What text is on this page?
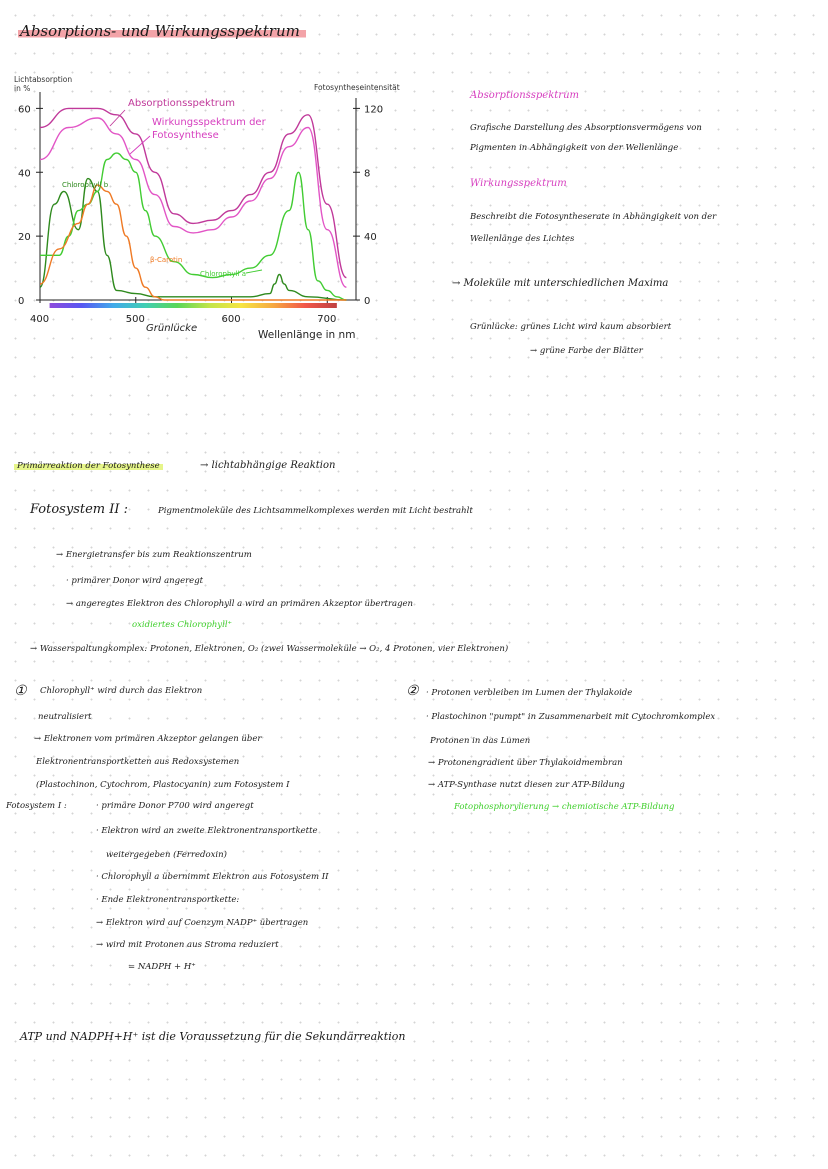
Absorptions- und Wirkungsspektrum
Lichtabsorption
in %	Fotosyntheseintensität
0
20
40
60
0
40
8
120
400	500	600	700
Wellenlänge in nm
Grünlücke
Absorptionsspektrum
Wirkungsspektrum der
Fotosynthese
Chlorophyll b
β-Carotin
Chlorophyll a
Absorptionsspektrum
Grafische Darstellung des Absorptionsvermögens von
Pigmenten in Abhängigkeit von der Wellenlänge
Wirkungsspektrum
Beschreibt die Fotosyntheserate in Abhängigkeit von der
Wellenlänge des Lichtes
→ Moleküle mit unterschiedlichen Maxima
Grünlücke: grünes Licht wird kaum absorbiert
→ grüne Farbe der Blätter
Primärreaktion der Fotosynthese	→ lichtabhängige Reaktion
Fotosystem II :	Pigmentmoleküle des Lichtsammelkomplexes werden mit Licht bestrahlt
→ Energietransfer bis zum Reaktionszentrum
· primärer Donor wird angeregt
→ angeregtes Elektron des Chlorophyll a wird an primären Akzeptor übertragen
oxidiertes Chlorophyll⁺
→ Wasserspaltungkomplex: Protonen, Elektronen, O₂ (zwei Wassermoleküle → O₂, 4 Protonen, vier Elektronen)
① Chlorophyll⁺ wird durch das Elektron
neutralisiert
→ Elektronen vom primären Akzeptor gelangen über
Elektronentransportketten aus Redoxsystemen
(Plastochinon, Cytochrom, Plastocyanin) zum Fotosystem I
Fotosystem I :	· primäre Donor P700 wird angeregt
· Elektron wird an zweite Elektronentransportkette
weitergegeben (Ferredoxin)
· Chlorophyll a übernimmt Elektron aus Fotosystem II
· Ende Elektronentransportkette:
→ Elektron wird auf Coenzym NADP⁺ übertragen
→ wird mit Protonen aus Stroma reduziert
= NADPH + H⁺
② · Protonen verbleiben im Lumen der Thylakoide
· Plastochinon "pumpt" in Zusammenarbeit mit Cytochromkomplex
Protonen in das Lumen
→ Protonengradient über Thylakoidmembran
→ ATP-Synthase nutzt diesen zur ATP-Bildung
Fotophosphorylierung → chemiotische ATP-Bildung
ATP und NADPH+H⁺ ist die Voraussetzung für die Sekundärreaktion
